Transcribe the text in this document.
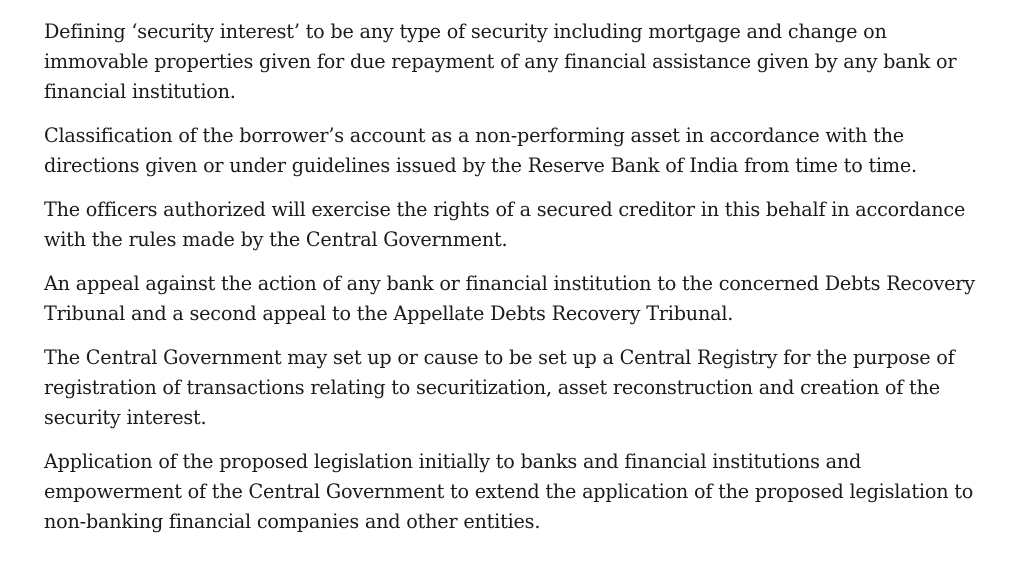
Defining ‘security interest’ to be any type of security including mortgage and change on immovable properties given for due repayment of any financial assistance given by any bank or financial institution.

Classification of the borrower’s account as a non-performing asset in accordance with the directions given or under guidelines issued by the Reserve Bank of India from time to time.

The officers authorized will exercise the rights of a secured creditor in this behalf in accordance with the rules made by the Central Government.

An appeal against the action of any bank or financial institution to the concerned Debts Recovery Tribunal and a second appeal to the Appellate Debts Recovery Tribunal.

The Central Government may set up or cause to be set up a Central Registry for the purpose of registration of transactions relating to securitization, asset reconstruction and creation of the security interest.

Application of the proposed legislation initially to banks and financial institutions and empowerment of the Central Government to extend the application of the proposed legislation to non-banking financial companies and other entities.
